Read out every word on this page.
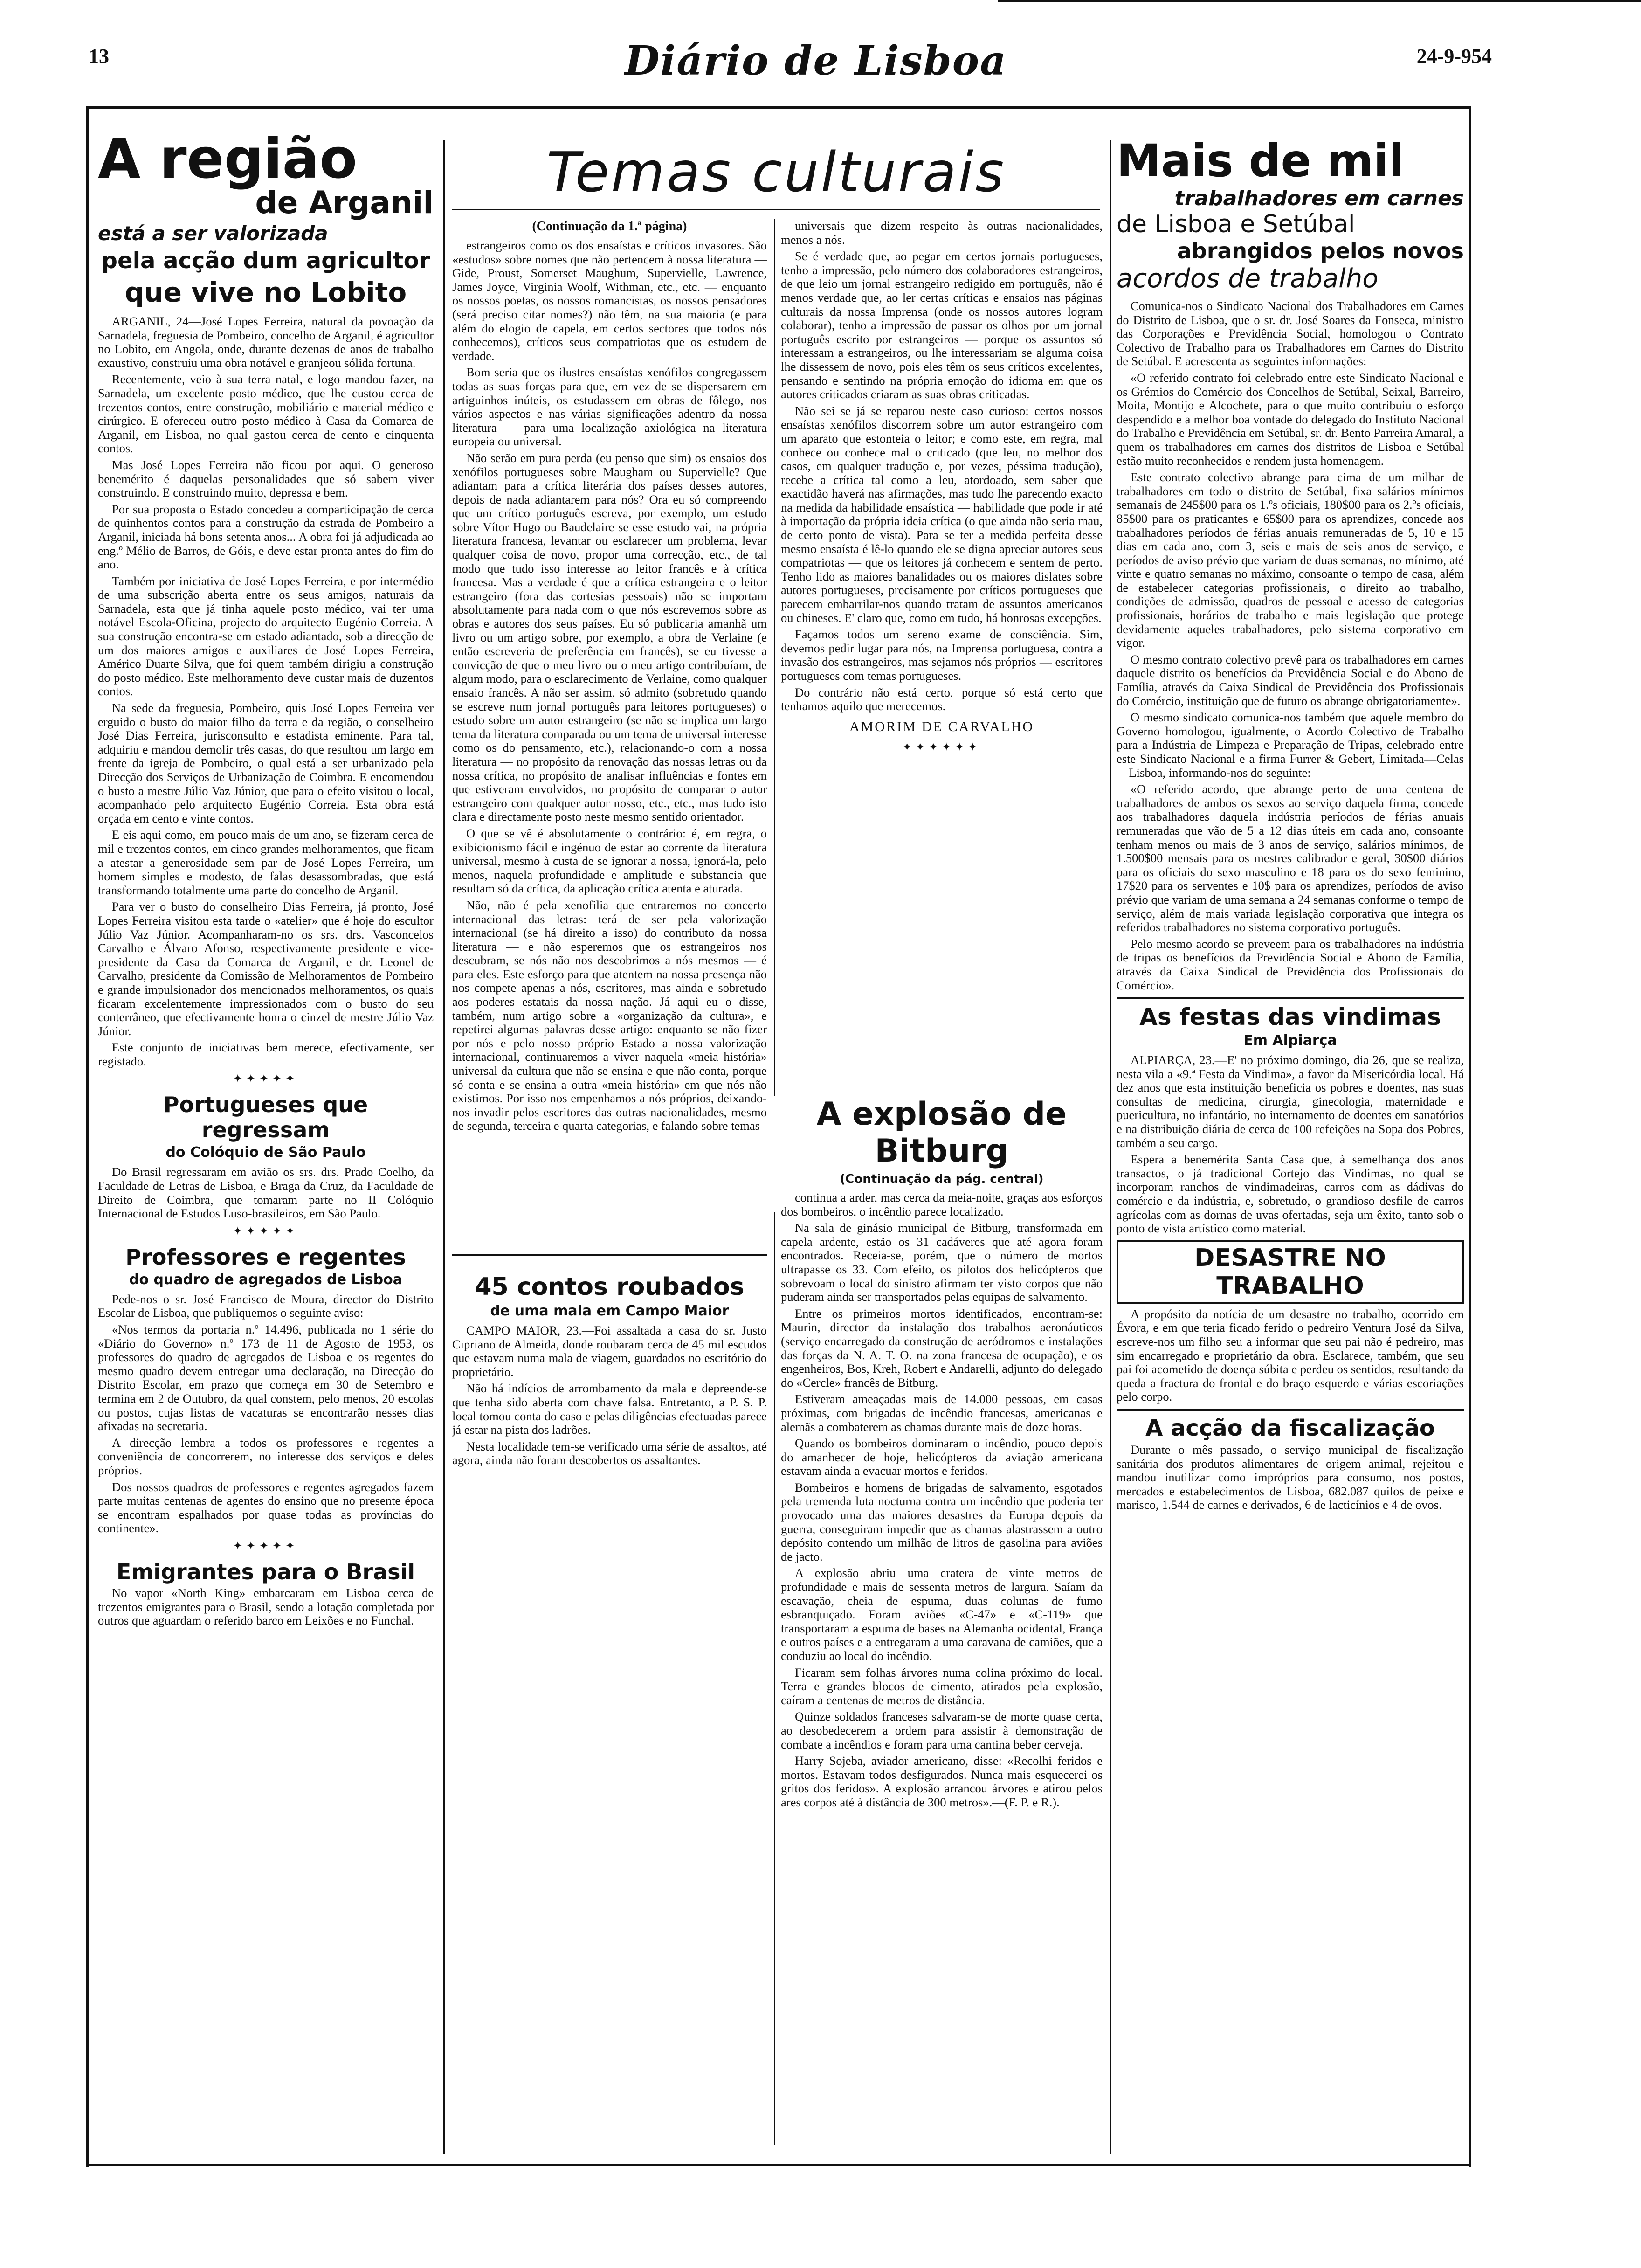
13	Diário de Lisboa	24-9-954
A região
de Arganil
está a ser valorizada
pela acção dum agricultor
que vive no Lobito

ARGANIL, 24—José Lopes Ferreira, natural da povoação da Sarnadela, freguesia de Pombeiro, concelho de Arganil, é agricultor no Lobito, em Angola, onde, durante dezenas de anos de trabalho exaustivo, construiu uma obra notável e granjeou sólida fortuna.

Recentemente, veio à sua terra natal, e logo mandou fazer, na Sarnadela, um excelente posto médico, que lhe custou cerca de trezentos contos, entre construção, mobiliário e material médico e cirúrgico. E ofereceu outro posto médico à Casa da Comarca de Arganil, em Lisboa, no qual gastou cerca de cento e cinquenta contos.

Mas José Lopes Ferreira não ficou por aqui. O generoso benemérito é daquelas personalidades que só sabem viver construindo. E construindo muito, depressa e bem.

Por sua proposta o Estado concedeu a comparticipação de cerca de quinhentos contos para a construção da estrada de Pombeiro a Arganil, iniciada há bons setenta anos... A obra foi já adjudicada ao eng.º Mélio de Barros, de Góis, e deve estar pronta antes do fim do ano.

Também por iniciativa de José Lopes Ferreira, e por intermédio de uma subscrição aberta entre os seus amigos, naturais da Sarnadela, esta que já tinha aquele posto médico, vai ter uma notável Escola-Oficina, projecto do arquitecto Eugénio Correia. A sua construção encontra-se em estado adiantado, sob a direcção de um dos maiores amigos e auxiliares de José Lopes Ferreira, Américo Duarte Silva, que foi quem também dirigiu a construção do posto médico. Este melhoramento deve custar mais de duzentos contos.

Na sede da freguesia, Pombeiro, quis José Lopes Ferreira ver erguido o busto do maior filho da terra e da região, o conselheiro José Dias Ferreira, jurisconsulto e estadista eminente. Para tal, adquiriu e mandou demolir três casas, do que resultou um largo em frente da igreja de Pombeiro, o qual está a ser urbanizado pela Direcção dos Serviços de Urbanização de Coimbra. E encomendou o busto a mestre Júlio Vaz Júnior, que para o efeito visitou o local, acompanhado pelo arquitecto Eugénio Correia. Esta obra está orçada em cento e vinte contos.

E eis aqui como, em pouco mais de um ano, se fizeram cerca de mil e trezentos contos, em cinco grandes melhoramentos, que ficam a atestar a generosidade sem par de José Lopes Ferreira, um homem simples e modesto, de falas desassombradas, que está transformando totalmente uma parte do concelho de Arganil.

Para ver o busto do conselheiro Dias Ferreira, já pronto, José Lopes Ferreira visitou esta tarde o «atelier» que é hoje do escultor Júlio Vaz Júnior. Acompanharam-no os srs. drs. Vasconcelos Carvalho e Álvaro Afonso, respectivamente presidente e vice-presidente da Casa da Comarca de Arganil, e dr. Leonel de Carvalho, presidente da Comissão de Melhoramentos de Pombeiro e grande impulsionador dos mencionados melhoramentos, os quais ficaram excelentemente impressionados com o busto do seu conterrâneo, que efectivamente honra o cinzel de mestre Júlio Vaz Júnior.

Este conjunto de iniciativas bem merece, efectivamente, ser registado.

✦✦✦✦✦
Portugueses que regressam
do Colóquio de São Paulo

Do Brasil regressaram em avião os srs. drs. Prado Coelho, da Faculdade de Letras de Lisboa, e Braga da Cruz, da Faculdade de Direito de Coimbra, que tomaram parte no II Colóquio Internacional de Estudos Luso-brasileiros, em São Paulo.

✦✦✦✦✦
Professores e regentes
do quadro de agregados de Lisboa

Pede-nos o sr. José Francisco de Moura, director do Distrito Escolar de Lisboa, que publiquemos o seguinte aviso:

«Nos termos da portaria n.º 14.496, publicada no 1 série do «Diário do Governo» n.º 173 de 11 de Agosto de 1953, os professores do quadro de agregados de Lisboa e os regentes do mesmo quadro devem entregar uma declaração, na Direcção do Distrito Escolar, em prazo que começa em 30 de Setembro e termina em 2 de Outubro, da qual constem, pelo menos, 20 escolas ou postos, cujas listas de vacaturas se encontrarão nesses dias afixadas na secretaria.

A direcção lembra a todos os professores e regentes a conveniência de concorrerem, no interesse dos serviços e deles próprios.

Dos nossos quadros de professores e regentes agregados fazem parte muitas centenas de agentes do ensino que no presente época se encontram espalhados por quase todas as províncias do continente».

✦✦✦✦✦
Emigrantes para o Brasil

No vapor «North King» embarcaram em Lisboa cerca de trezentos emigrantes para o Brasil, sendo a lotação completada por outros que aguardam o referido barco em Leixões e no Funchal.

Temas culturais
(Continuação da 1.ª página)

estrangeiros como os dos ensaístas e críticos invasores. São «estudos» sobre nomes que não pertencem à nossa literatura — Gide, Proust, Somerset Maughum, Supervielle, Lawrence, James Joyce, Virginia Woolf, Withman, etc., etc. — enquanto os nossos poetas, os nossos romancistas, os nossos pensadores (será preciso citar nomes?) não têm, na sua maioria (e para além do elogio de capela, em certos sectores que todos nós conhecemos), críticos seus compatriotas que os estudem de verdade.

Bom seria que os ilustres ensaístas xenófilos congregassem todas as suas forças para que, em vez de se dispersarem em artiguinhos inúteis, os estudassem em obras de fôlego, nos vários aspectos e nas várias significações adentro da nossa literatura — para uma localização axiológica na literatura europeia ou universal.

Não serão em pura perda (eu penso que sim) os ensaios dos xenófilos portugueses sobre Maugham ou Supervielle? Que adiantam para a crítica literária dos países desses autores, depois de nada adiantarem para nós? Ora eu só compreendo que um crítico português escreva, por exemplo, um estudo sobre Vítor Hugo ou Baudelaire se esse estudo vai, na própria literatura francesa, levantar ou esclarecer um problema, levar qualquer coisa de novo, propor uma correcção, etc., de tal modo que tudo isso interesse ao leitor francês e à crítica francesa. Mas a verdade é que a crítica estrangeira e o leitor estrangeiro (fora das cortesias pessoais) não se importam absolutamente para nada com o que nós escrevemos sobre as obras e autores dos seus países. Eu só publicaria amanhã um livro ou um artigo sobre, por exemplo, a obra de Verlaine (e então escreveria de preferência em francês), se eu tivesse a convicção de que o meu livro ou o meu artigo contribuíam, de algum modo, para o esclarecimento de Verlaine, como qualquer ensaio francês. A não ser assim, só admito (sobretudo quando se escreve num jornal português para leitores portugueses) o estudo sobre um autor estrangeiro (se não se implica um largo tema da literatura comparada ou um tema de universal interesse como os do pensamento, etc.), relacionando-o com a nossa literatura — no propósito da renovação das nossas letras ou da nossa crítica, no propósito de analisar influências e fontes em que estiveram envolvidos, no propósito de comparar o autor estrangeiro com qualquer autor nosso, etc., etc., mas tudo isto clara e directamente posto neste mesmo sentido orientador.

O que se vê é absolutamente o contrário: é, em regra, o exibicionismo fácil e ingénuo de estar ao corrente da literatura universal, mesmo à custa de se ignorar a nossa, ignorá-la, pelo menos, naquela profundidade e amplitude e substancia que resultam só da crítica, da aplicação crítica atenta e aturada.

Não, não é pela xenofilia que entraremos no concerto internacional das letras: terá de ser pela valorização internacional (se há direito a isso) do contributo da nossa literatura — e não esperemos que os estrangeiros nos descubram, se nós não nos descobrimos a nós mesmos — é para eles. Este esforço para que atentem na nossa presença não nos compete apenas a nós, escritores, mas ainda e sobretudo aos poderes estatais da nossa nação. Já aqui eu o disse, também, num artigo sobre a «organização da cultura», e repetirei algumas palavras desse artigo: enquanto se não fizer por nós e pelo nosso próprio Estado a nossa valorização internacional, continuaremos a viver naquela «meia história» universal da cultura que não se ensina e que não conta, porque só conta e se ensina a outra «meia história» em que nós não existimos. Por isso nos empenhamos a nós próprios, deixando-nos invadir pelos escritores das outras nacionalidades, mesmo de segunda, terceira e quarta categorias, e falando sobre temas

45 contos roubados
de uma mala em Campo Maior

CAMPO MAIOR, 23.—Foi assaltada a casa do sr. Justo Cipriano de Almeida, donde roubaram cerca de 45 mil escudos que estavam numa mala de viagem, guardados no escritório do proprietário.

Não há indícios de arrombamento da mala e depreende-se que tenha sido aberta com chave falsa. Entretanto, a P. S. P. local tomou conta do caso e pelas diligências efectuadas parece já estar na pista dos ladrões.

Nesta localidade tem-se verificado uma série de assaltos, até agora, ainda não foram descobertos os assaltantes.

universais que dizem respeito às outras nacionalidades, menos a nós.

Se é verdade que, ao pegar em certos jornais portugueses, tenho a impressão, pelo número dos colaboradores estrangeiros, de que leio um jornal estrangeiro redigido em português, não é menos verdade que, ao ler certas críticas e ensaios nas páginas culturais da nossa Imprensa (onde os nossos autores logram colaborar), tenho a impressão de passar os olhos por um jornal português escrito por estrangeiros — porque os assuntos só interessam a estrangeiros, ou lhe interessariam se alguma coisa lhe dissessem de novo, pois eles têm os seus críticos excelentes, pensando e sentindo na própria emoção do idioma em que os autores criticados criaram as suas obras criticadas.

Não sei se já se reparou neste caso curioso: certos nossos ensaístas xenófilos discorrem sobre um autor estrangeiro com um aparato que estonteia o leitor; e como este, em regra, mal conhece ou conhece mal o criticado (que leu, no melhor dos casos, em qualquer tradução e, por vezes, péssima tradução), recebe a crítica tal como a leu, atordoado, sem saber que exactidão haverá nas afirmações, mas tudo lhe parecendo exacto na medida da habilidade ensaística — habilidade que pode ir até à importação da própria ideia crítica (o que ainda não seria mau, de certo ponto de vista). Para se ter a medida perfeita desse mesmo ensaísta é lê-lo quando ele se digna apreciar autores seus compatriotas — que os leitores já conhecem e sentem de perto. Tenho lido as maiores banalidades ou os maiores dislates sobre autores portugueses, precisamente por críticos portugueses que parecem embarrilar-nos quando tratam de assuntos americanos ou chineses. E' claro que, como em tudo, há honrosas excepções.

Façamos todos um sereno exame de consciência. Sim, devemos pedir lugar para nós, na Imprensa portuguesa, contra a invasão dos estrangeiros, mas sejamos nós próprios — escritores portugueses com temas portugueses.

Do contrário não está certo, porque só está certo que tenhamos aquilo que merecemos.

AMORIM DE CARVALHO
✦✦✦✦✦✦
A explosão de Bitburg
(Continuação da pág. central)

continua a arder, mas cerca da meia-noite, graças aos esforços dos bombeiros, o incêndio parece localizado.

Na sala de ginásio municipal de Bitburg, transformada em capela ardente, estão os 31 cadáveres que até agora foram encontrados. Receia-se, porém, que o número de mortos ultrapasse os 33. Com efeito, os pilotos dos helicópteros que sobrevoam o local do sinistro afirmam ter visto corpos que não puderam ainda ser transportados pelas equipas de salvamento.

Entre os primeiros mortos identificados, encontram-se: Maurin, director da instalação dos trabalhos aeronáuticos (serviço encarregado da construção de aeródromos e instalações das forças da N. A. T. O. na zona francesa de ocupação), e os engenheiros, Bos, Kreh, Robert e Andarelli, adjunto do delegado do «Cercle» francês de Bitburg.

Estiveram ameaçadas mais de 14.000 pessoas, em casas próximas, com brigadas de incêndio francesas, americanas e alemãs a combaterem as chamas durante mais de doze horas.

Quando os bombeiros dominaram o incêndio, pouco depois do amanhecer de hoje, helicópteros da aviação americana estavam ainda a evacuar mortos e feridos.

Bombeiros e homens de brigadas de salvamento, esgotados pela tremenda luta nocturna contra um incêndio que poderia ter provocado uma das maiores desastres da Europa depois da guerra, conseguiram impedir que as chamas alastrassem a outro depósito contendo um milhão de litros de gasolina para aviões de jacto.

A explosão abriu uma cratera de vinte metros de profundidade e mais de sessenta metros de largura. Saíam da escavação, cheia de espuma, duas colunas de fumo esbranquiçado. Foram aviões «C-47» e «C-119» que transportaram a espuma de bases na Alemanha ocidental, França e outros países e a entregaram a uma caravana de camiões, que a conduziu ao local do incêndio.

Ficaram sem folhas árvores numa colina próximo do local. Terra e grandes blocos de cimento, atirados pela explosão, caíram a centenas de metros de distância.

Quinze soldados franceses salvaram-se de morte quase certa, ao desobedecerem a ordem para assistir à demonstração de combate a incêndios e foram para uma cantina beber cerveja.

Harry Sojeba, aviador americano, disse: «Recolhi feridos e mortos. Estavam todos desfigurados. Nunca mais esquecerei os gritos dos feridos». A explosão arrancou árvores e atirou pelos ares corpos até à distância de 300 metros».—(F. P. e R.).

Mais de mil
trabalhadores em carnes
de Lisboa e Setúbal
abrangidos pelos novos
acordos de trabalho

Comunica-nos o Sindicato Nacional dos Trabalhadores em Carnes do Distrito de Lisboa, que o sr. dr. José Soares da Fonseca, ministro das Corporações e Previdência Social, homologou o Contrato Colectivo de Trabalho para os Trabalhadores em Carnes do Distrito de Setúbal. E acrescenta as seguintes informações:

«O referido contrato foi celebrado entre este Sindicato Nacional e os Grémios do Comércio dos Concelhos de Setúbal, Seixal, Barreiro, Moita, Montijo e Alcochete, para o que muito contribuiu o esforço despendido e a melhor boa vontade do delegado do Instituto Nacional do Trabalho e Previdência em Setúbal, sr. dr. Bento Parreira Amaral, a quem os trabalhadores em carnes dos distritos de Lisboa e Setúbal estão muito reconhecidos e rendem justa homenagem.

Este contrato colectivo abrange para cima de um milhar de trabalhadores em todo o distrito de Setúbal, fixa salários mínimos semanais de 245$00 para os 1.ºs oficiais, 180$00 para os 2.ºs oficiais, 85$00 para os praticantes e 65$00 para os aprendizes, concede aos trabalhadores períodos de férias anuais remuneradas de 5, 10 e 15 dias em cada ano, com 3, seis e mais de seis anos de serviço, e períodos de aviso prévio que variam de duas semanas, no mínimo, até vinte e quatro semanas no máximo, consoante o tempo de casa, além de estabelecer categorias profissionais, o direito ao trabalho, condições de admissão, quadros de pessoal e acesso de categorias profissionais, horários de trabalho e mais legislação que protege devidamente aqueles trabalhadores, pelo sistema corporativo em vigor.

O mesmo contrato colectivo prevê para os trabalhadores em carnes daquele distrito os benefícios da Previdência Social e do Abono de Família, através da Caixa Sindical de Previdência dos Profissionais do Comércio, instituição que de futuro os abrange obrigatoriamente».

O mesmo sindicato comunica-nos também que aquele membro do Governo homologou, igualmente, o Acordo Colectivo de Trabalho para a Indústria de Limpeza e Preparação de Tripas, celebrado entre este Sindicato Nacional e a firma Furrer & Gebert, Limitada—Celas—Lisboa, informando-nos do seguinte:

«O referido acordo, que abrange perto de uma centena de trabalhadores de ambos os sexos ao serviço daquela firma, concede aos trabalhadores daquela indústria períodos de férias anuais remuneradas que vão de 5 a 12 dias úteis em cada ano, consoante tenham menos ou mais de 3 anos de serviço, salários mínimos, de 1.500$00 mensais para os mestres calibrador e geral, 30$00 diários para os oficiais do sexo masculino e 18 para os do sexo feminino, 17$20 para os serventes e 10$ para os aprendizes, períodos de aviso prévio que variam de uma semana a 24 semanas conforme o tempo de serviço, além de mais variada legislação corporativa que integra os referidos trabalhadores no sistema corporativo português.

Pelo mesmo acordo se preveem para os trabalhadores na indústria de tripas os benefícios da Previdência Social e Abono de Família, através da Caixa Sindical de Previdência dos Profissionais do Comércio».

As festas das vindimas
Em Alpiarça

ALPIARÇA, 23.—E' no próximo domingo, dia 26, que se realiza, nesta vila a «9.ª Festa da Vindima», a favor da Misericórdia local. Há dez anos que esta instituição beneficia os pobres e doentes, nas suas consultas de medicina, cirurgia, ginecologia, maternidade e puericultura, no infantário, no internamento de doentes em sanatórios e na distribuição diária de cerca de 100 refeições na Sopa dos Pobres, também a seu cargo.

Espera a benemérita Santa Casa que, à semelhança dos anos transactos, o já tradicional Cortejo das Vindimas, no qual se incorporam ranchos de vindimadeiras, carros com as dádivas do comércio e da indústria, e, sobretudo, o grandioso desfile de carros agrícolas com as dornas de uvas ofertadas, seja um êxito, tanto sob o ponto de vista artístico como material.

DESASTRE NO TRABALHO

A propósito da notícia de um desastre no trabalho, ocorrido em Évora, e em que teria ficado ferido o pedreiro Ventura José da Silva, escreve-nos um filho seu a informar que seu pai não é pedreiro, mas sim encarregado e proprietário da obra. Esclarece, também, que seu pai foi acometido de doença súbita e perdeu os sentidos, resultando da queda a fractura do frontal e do braço esquerdo e várias escoriações pelo corpo.

A acção da fiscalização

Durante o mês passado, o serviço municipal de fiscalização sanitária dos produtos alimentares de origem animal, rejeitou e mandou inutilizar como impróprios para consumo, nos postos, mercados e estabelecimentos de Lisboa, 682.087 quilos de peixe e marisco, 1.544 de carnes e derivados, 6 de lacticínios e 4 de ovos.
